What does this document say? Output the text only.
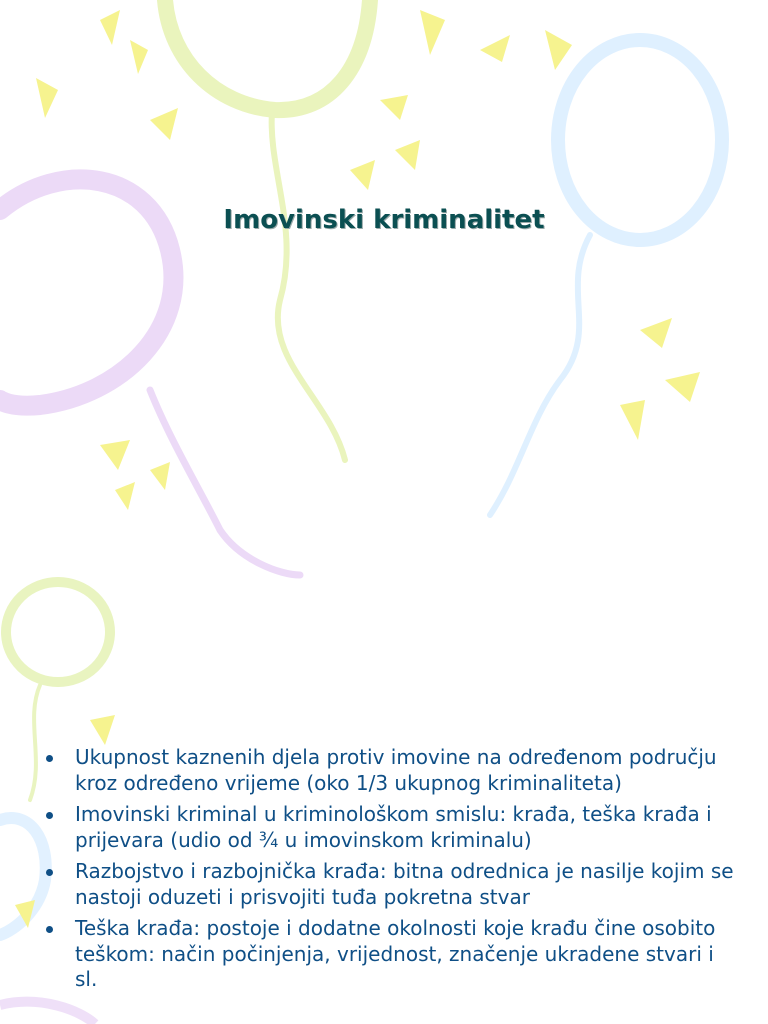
Imovinski kriminalitet
Ukupnost kaznenih djela protiv imovine na određenom području kroz određeno vrijeme (oko 1/3 ukupnog kriminaliteta)
Imovinski kriminal u kriminološkom smislu: krađa, teška krađa i prijevara (udio od ¾ u imovinskom kriminalu)
Razbojstvo i razbojnička krađa: bitna odrednica je nasilje kojim se nastoji oduzeti i prisvojiti tuđa pokretna stvar
Teška krađa: postoje i dodatne okolnosti koje krađu čine osobito teškom: način počinjenja, vrijednost, značenje ukradene stvari i sl.
